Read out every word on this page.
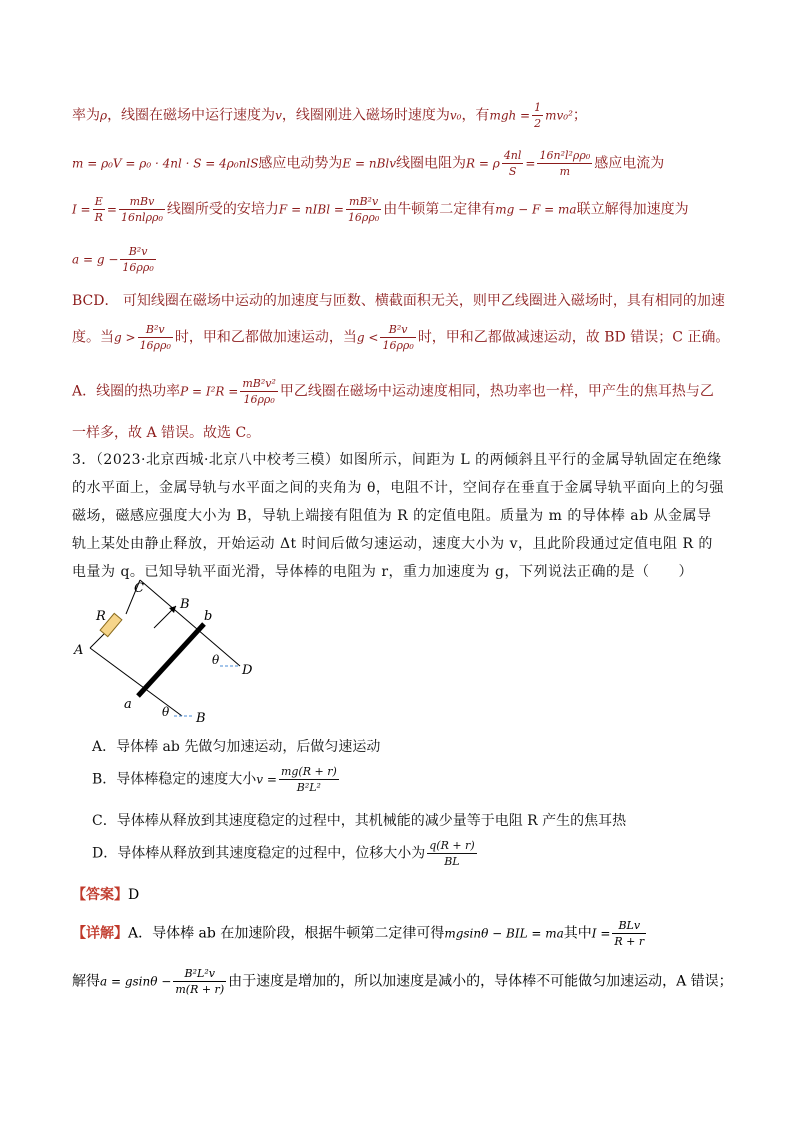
率为ρ，线圈在磁场中运行速度为v，线圈刚进入磁场时速度为v₀，有mgh = $\frac{1}{2} mv_0^2$；
m = ρ₀V = ρ₀ · 4nl · S = 4ρ₀nlS感应电动势为E = nBlv线圈电阻为R = ρ $\frac{4nl}{S} = \frac{\text{16n²l²ρρ₀}}{m}$ 感应电流为
$I = \frac{E}{R} = \frac{\text{mBv}}{\text{16nlρρ₀}}$ 线圈所受的安培力F = nIBl = $\frac{\text{mB²v}}{\text{16ρρ₀}}$ 由牛顿第二定律有mg − F = ma联立解得加速度为
$a = g - \frac{\text{B²v}}{\text{16ρρ₀}}$
BCD． 可知线圈在磁场中运动的加速度与匝数、横截面积无关，则甲乙线圈进入磁场时，具有相同的加速
度。当$g > \frac{\text{B²v}}{\text{16ρρ₀}}$ 时，甲和乙都做加速运动，当$g < \frac{\text{B²v}}{\text{16ρρ₀}}$ 时，甲和乙都做减速运动，故 BD 错误；C 正确。
A．线圈的热功率$P = I^2R = \frac{\text{mB²v²}}{\text{16ρρ₀}}$ 甲乙线圈在磁场中运动速度相同，热功率也一样，甲产生的焦耳热与乙
一样多，故 A 错误。故选 C。
3．（2023·北京西城·北京八中校考三模）如图所示，间距为 L 的两倾斜且平行的金属导轨固定在绝缘的水平面上，金属导轨与水平面之间的夹角为 θ，电阻不计，空间存在垂直于金属导轨平面向上的匀强磁场，磁感应强度大小为 B，导轨上端接有阻值为 R 的定值电阻。质量为 m 的导体棒 ab 从金属导轨上某处由静止释放，开始运动 Δt 时间后做匀速运动，速度大小为 v，且此阶段通过定值电阻 R 的电量为 q。已知导轨平面光滑，导体棒的电阻为 r，重力加速度为 g，下列说法正确的是（　　）
C
B
b
R
A
θ
D
a	θ B
A．导体棒 ab 先做匀加速运动，后做匀速运动
B．导体棒稳定的速度大小$v = \frac{mg(R + r)}{\text{B²L²}}$
C．导体棒从释放到其速度稳定的过程中，其机械能的减少量等于电阻 R 产生的焦耳热
D．导体棒从释放到其速度稳定的过程中，位移大小为 $\frac{q(R + r)}{BL}$
【答案】D
【详解】A．导体棒 ab 在加速阶段，根据牛顿第二定律可得mgsinθ − BIL = ma其中$I = \frac{\text{BLv}}{R + r}$
解得$a = gsin\theta - \frac{\text{B²L²v}}{m(R + r)}$ 由于速度是增加的，所以加速度是减小的，导体棒不可能做匀加速运动，A 错误；
